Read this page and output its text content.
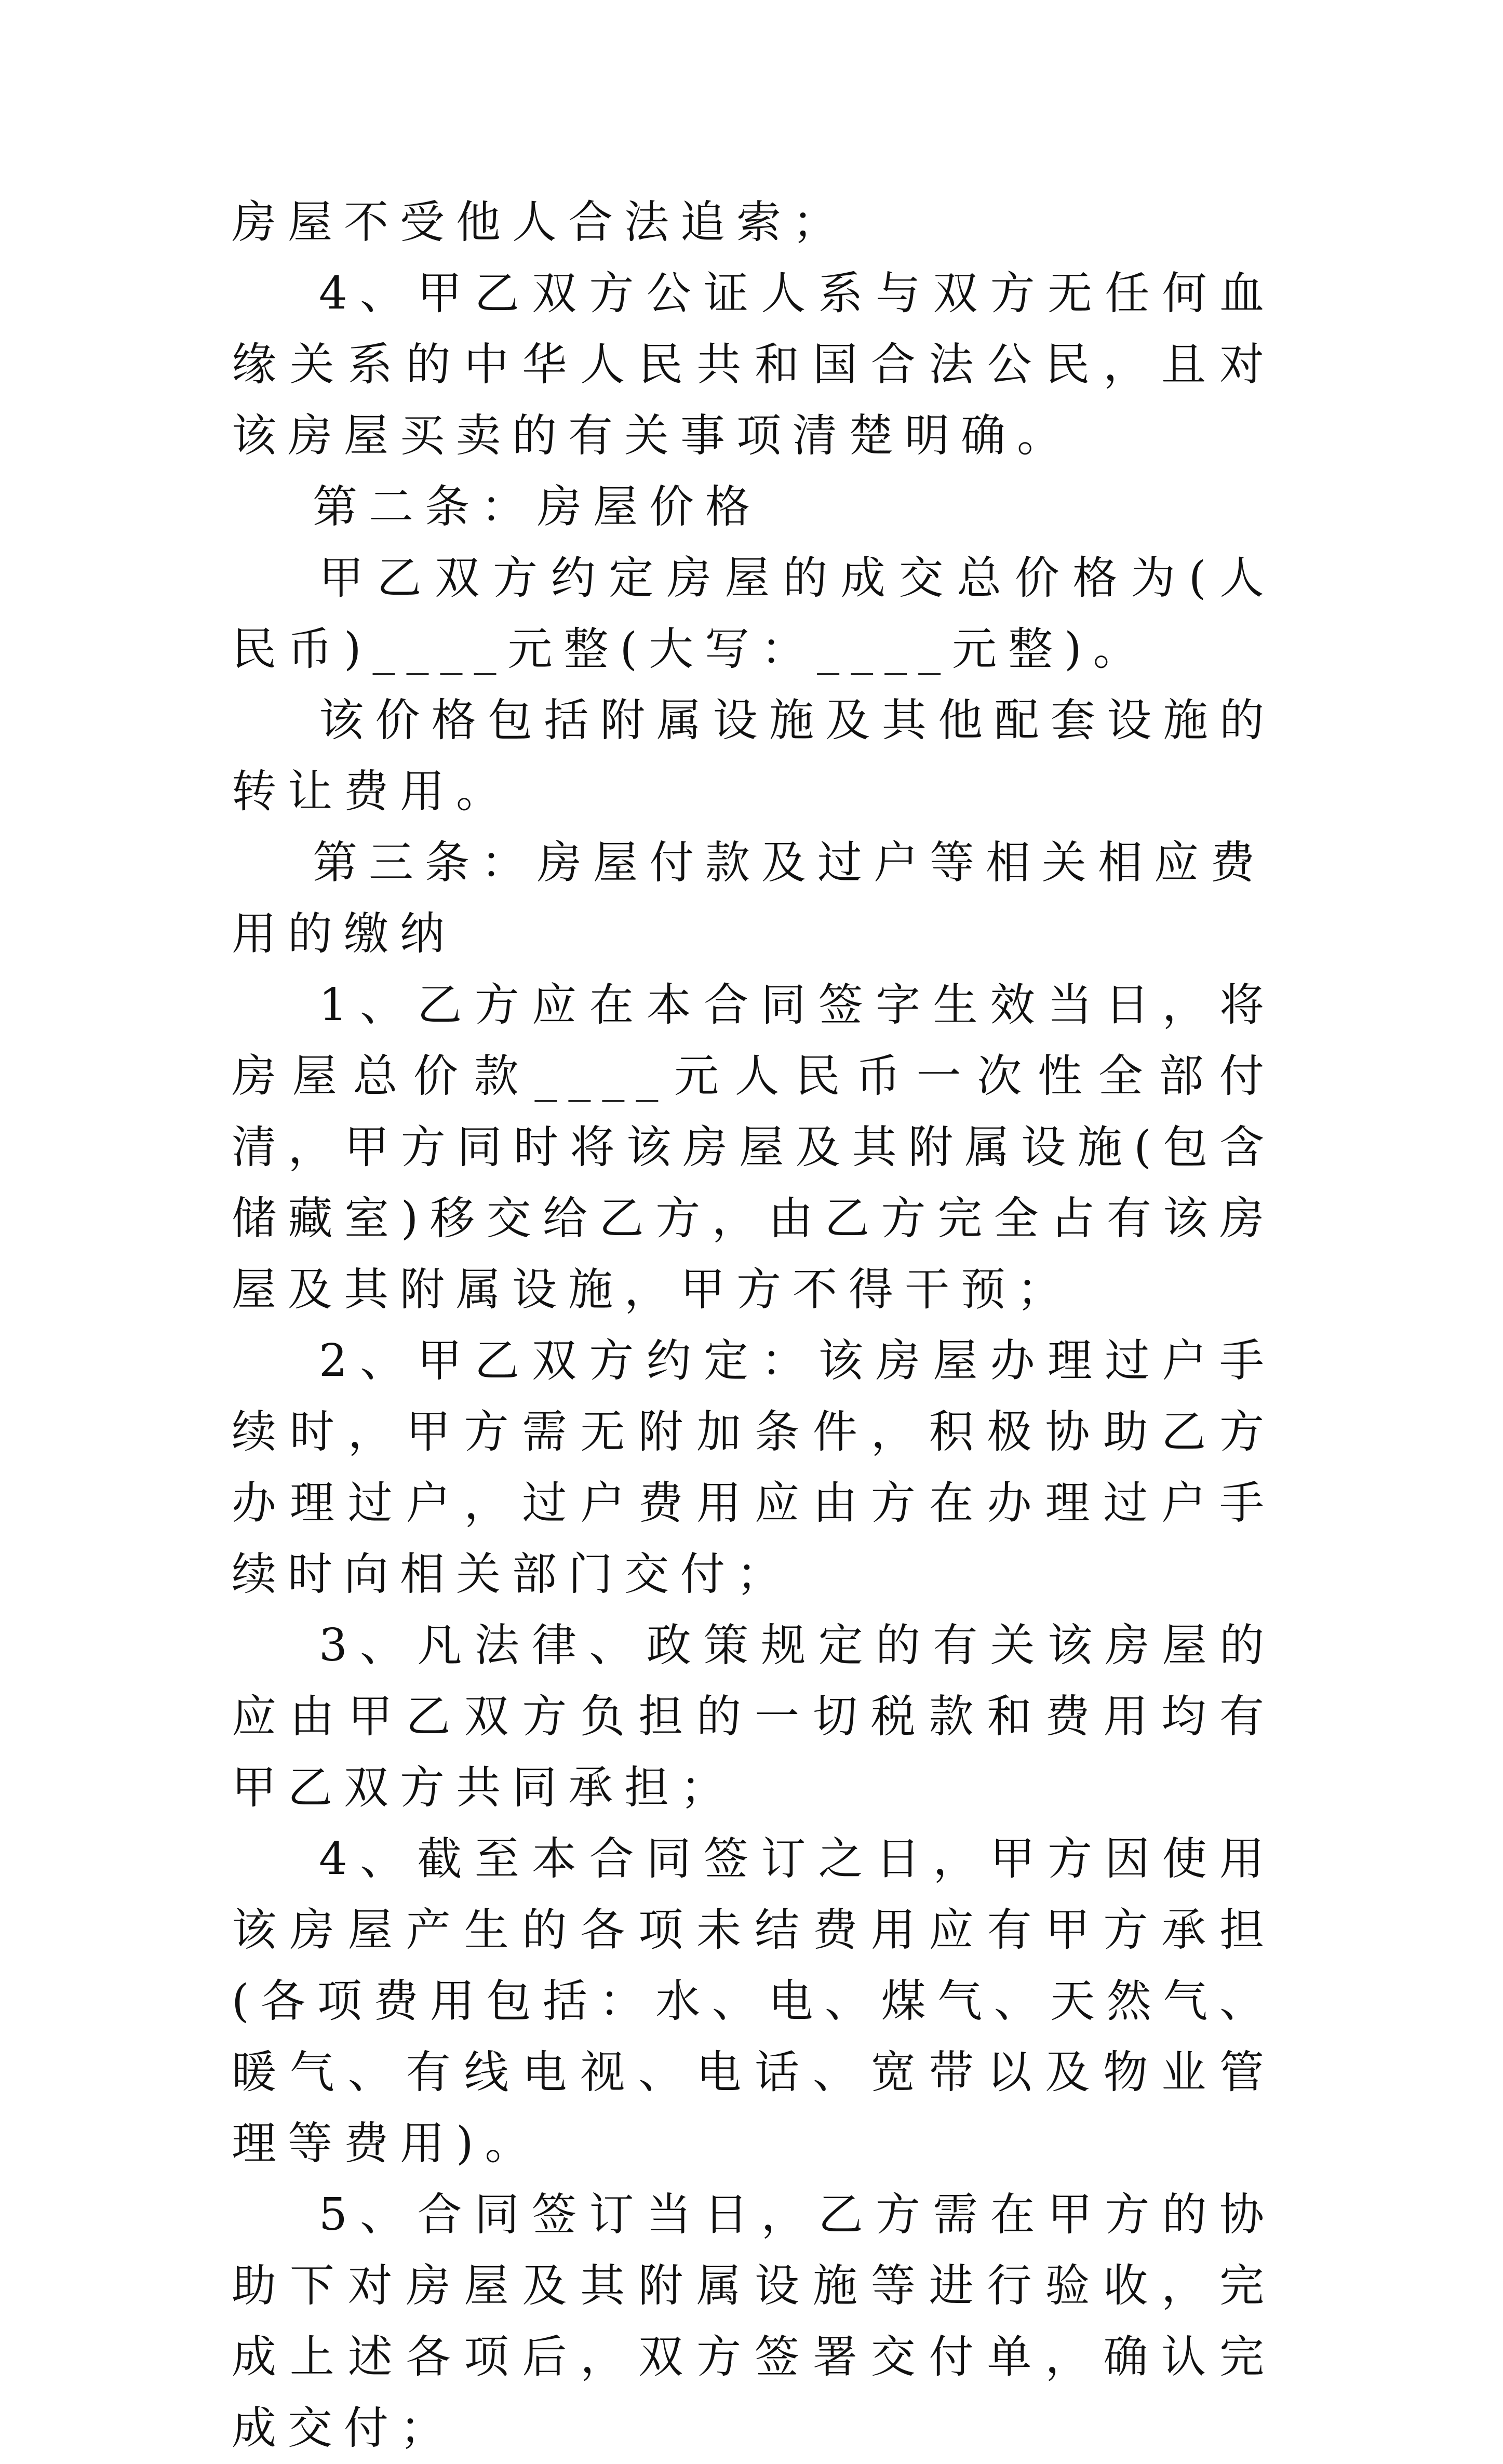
房屋不受他人合法追索；

4、甲乙双方公证人系与双方无任何血缘关系的中华人民共和国合法公民，且对该房屋买卖的有关事项清楚明确。

第二条：房屋价格

甲乙双方约定房屋的成交总价格为(人民币)____元整(大写：____元整)。

该价格包括附属设施及其他配套设施的转让费用。

第三条：房屋付款及过户等相关相应费用的缴纳

1、乙方应在本合同签字生效当日，将房屋总价款____元人民币一次性全部付清，甲方同时将该房屋及其附属设施(包含储藏室)移交给乙方，由乙方完全占有该房屋及其附属设施，甲方不得干预；

2、甲乙双方约定：该房屋办理过户手续时，甲方需无附加条件，积极协助乙方办理过户，过户费用应由方在办理过户手续时向相关部门交付；

3、凡法律、政策规定的有关该房屋的应由甲乙双方负担的一切税款和费用均有甲乙双方共同承担；

4、截至本合同签订之日，甲方因使用该房屋产生的各项未结费用应有甲方承担(各项费用包括：水、电、煤气、天然气、暖气、有线电视、电话、宽带以及物业管理等费用)。

5、合同签订当日，乙方需在甲方的协助下对房屋及其附属设施等进行验收，完成上述各项后，双方签署交付单，确认完成交付；
